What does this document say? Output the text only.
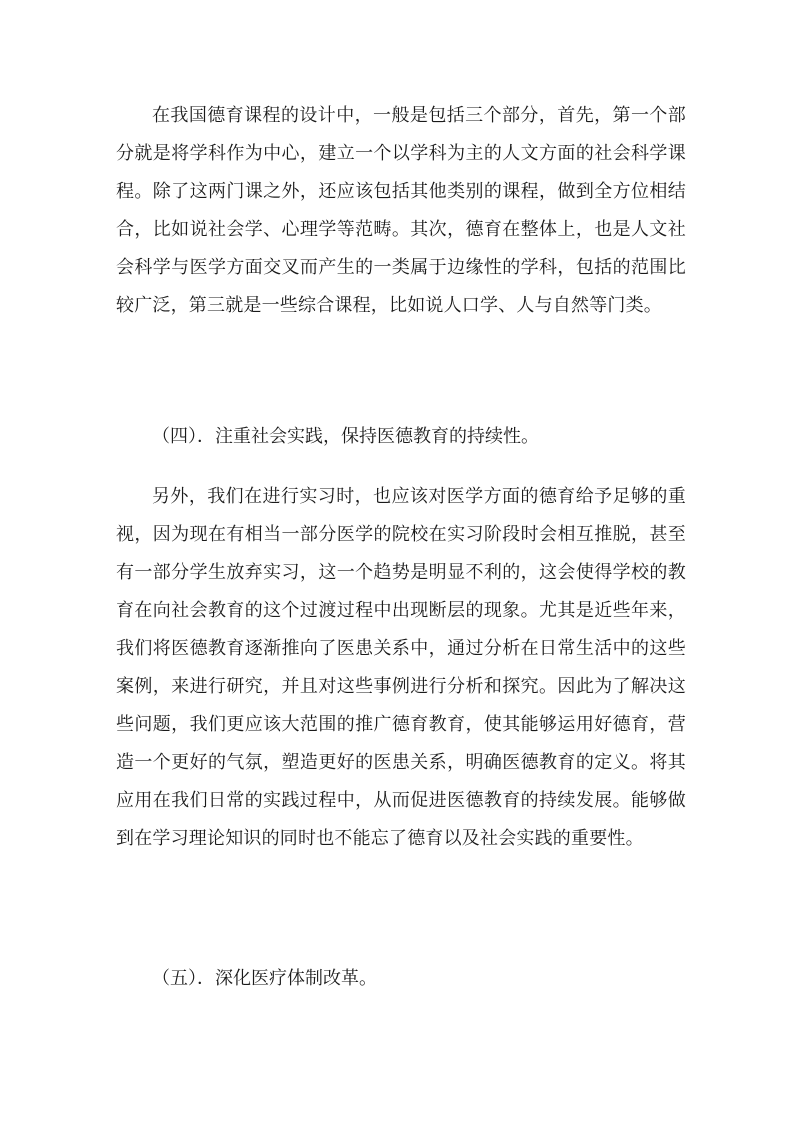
在我国德育课程的设计中，一般是包括三个部分，首先，第一个部分就是将学科作为中心，建立一个以学科为主的人文方面的社会科学课程。除了这两门课之外，还应该包括其他类别的课程，做到全方位相结合，比如说社会学、心理学等范畴。其次，德育在整体上，也是人文社会科学与医学方面交叉而产生的一类属于边缘性的学科，包括的范围比较广泛，第三就是一些综合课程，比如说人口学、人与自然等门类。

（四）．注重社会实践，保持医德教育的持续性。

另外，我们在进行实习时，也应该对医学方面的德育给予足够的重视，因为现在有相当一部分医学的院校在实习阶段时会相互推脱，甚至有一部分学生放弃实习，这一个趋势是明显不利的，这会使得学校的教育在向社会教育的这个过渡过程中出现断层的现象。尤其是近些年来，我们将医德教育逐渐推向了医患关系中，通过分析在日常生活中的这些案例，来进行研究，并且对这些事例进行分析和探究。因此为了解决这些问题，我们更应该大范围的推广德育教育，使其能够运用好德育，营造一个更好的气氛，塑造更好的医患关系，明确医德教育的定义。将其应用在我们日常的实践过程中，从而促进医德教育的持续发展。能够做到在学习理论知识的同时也不能忘了德育以及社会实践的重要性。

（五）．深化医疗体制改革。
